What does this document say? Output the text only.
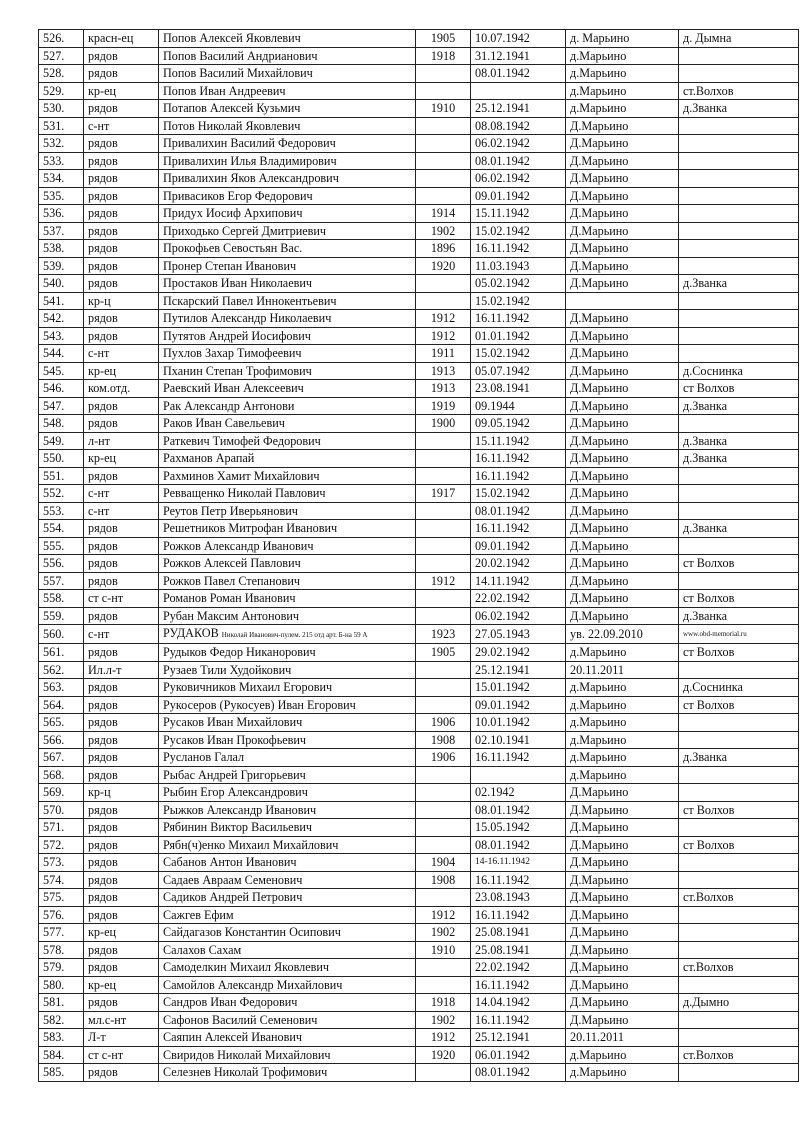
526.	красн-ец	Попов Алексей Яковлевич	1905	10.07.1942	д. Марьино	д. Дымна
527.	рядов	Попов Василий Андрианович	1918	31.12.1941	д.Марьино	
528.	рядов	Попов Василий Михайлович		08.01.1942	д.Марьино	
529.	кр-ец	Попов Иван Андреевич			д.Марьино	ст.Волхов
530.	рядов	Потапов Алексей Кузьмич	1910	25.12.1941	д.Марьино	д.Званка
531.	с-нт	Потов Николай Яковлевич		08.08.1942	Д.Марьино	
532.	рядов	Привалихин Василий Федорович		06.02.1942	Д.Марьино	
533.	рядов	Привалихин Илья Владимирович		08.01.1942	Д.Марьино	
534.	рядов	Привалихин Яков Александрович		06.02.1942	Д.Марьино	
535.	рядов	Привасиков Егор Федорович		09.01.1942	Д.Марьино	
536.	рядов	Придух Иосиф Архипович	1914	15.11.1942	Д.Марьино	
537.	рядов	Приходько Сергей Дмитриевич	1902	15.02.1942	Д.Марьино	
538.	рядов	Прокофьев Севостьян Вас.	1896	16.11.1942	Д.Марьино	
539.	рядов	Пронер Степан Иванович	1920	11.03.1943	Д.Марьино	
540.	рядов	Простаков Иван Николаевич		05.02.1942	Д.Марьино	д.Званка
541.	кр-ц	Пскарский Павел Иннокентьевич		15.02.1942		
542.	рядов	Путилов Александр Николаевич	1912	16.11.1942	Д.Марьино	
543.	рядов	Путятов Андрей Иосифович	1912	01.01.1942	Д.Марьино	
544.	с-нт	Пухлов Захар Тимофеевич	1911	15.02.1942	Д.Марьино	
545.	кр-ец	Пханин Степан Трофимович	1913	05.07.1942	Д.Марьино	д.Соснинка
546.	ком.отд.	Раевский Иван Алексеевич	1913	23.08.1941	Д.Марьино	ст Волхов
547.	рядов	Рак Александр Антонови	1919	09.1944	Д.Марьино	д.Званка
548.	рядов	Раков Иван Савельевич	1900	09.05.1942	Д.Марьино	
549.	л-нт	Раткевич Тимофей Федорович		15.11.1942	Д.Марьино	д.Званка
550.	кр-ец	Рахманов Арапай		16.11.1942	Д.Марьино	д.Званка
551.	рядов	Рахминов Хамит Михайлович		16.11.1942	Д.Марьино	
552.	с-нт	Ревващенко Николай Павлович	1917	15.02.1942	Д.Марьино	
553.	с-нт	Реутов Петр Иверьянович		08.01.1942	Д.Марьино	
554.	рядов	Решетников Митрофан Иванович		16.11.1942	Д.Марьино	д.Званка
555.	рядов	Рожков Александр Иванович		09.01.1942	Д.Марьино	
556.	рядов	Рожков Алексей Павлович		20.02.1942	Д.Марьино	ст Волхов
557.	рядов	Рожков Павел Степанович	1912	14.11.1942	Д.Марьино	
558.	ст с-нт	Романов Роман Иванович		22.02.1942	Д.Марьино	ст Волхов
559.	рядов	Рубан Максим Антонович		06.02.1942	Д.Марьино	д.Званка
560.	с-нт	РУДАКОВ Николай Иванович-пулем. 215 отд арт. Б-на 59 А	1923	27.05.1943	ув. 22.09.2010	www.obd-memorial.ru
561.	рядов	Рудыков Федор Никанорович	1905	29.02.1942	д.Марьино	ст Волхов
562.	Ил.л-т	Рузаев Тили Худойкович		25.12.1941	20.11.2011	
563.	рядов	Руковичников Михаил Егорович		15.01.1942	д.Марьино	д.Соснинка
564.	рядов	Рукосеров (Рукосуев) Иван Егорович		09.01.1942	д.Марьино	ст Волхов
565.	рядов	Русаков Иван Михайлович	1906	10.01.1942	д.Марьино	
566.	рядов	Русаков Иван Прокофьевич	1908	02.10.1941	д.Марьино	
567.	рядов	Русланов Галал	1906	16.11.1942	д.Марьино	д.Званка
568.	рядов	Рыбас Андрей Григорьевич			д.Марьино	
569.	кр-ц	Рыбин Егор Александрович		02.1942	Д.Марьино	
570.	рядов	Рыжков Александр Иванович		08.01.1942	Д.Марьино	ст Волхов
571.	рядов	Рябинин Виктор Васильевич		15.05.1942	Д.Марьино	
572.	рядов	Рябн(ч)енко Михаил Михайлович		08.01.1942	Д.Марьино	ст Волхов
573.	рядов	Сабанов Антон Иванович	1904	14-16.11.1942	Д.Марьино	
574.	рядов	Садаев Авраам Семенович	1908	16.11.1942	Д.Марьино	
575.	рядов	Садиков Андрей Петрович		23.08.1943	Д.Марьино	ст.Волхов
576.	рядов	Сажгев Ефим	1912	16.11.1942	Д.Марьино	
577.	кр-ец	Сайдагазов Константин Осипович	1902	25.08.1941	Д.Марьино	
578.	рядов	Салахов Сахам	1910	25.08.1941	Д.Марьино	
579.	рядов	Самоделкин Михаил Яковлевич		22.02.1942	Д.Марьино	ст.Волхов
580.	кр-ец	Самойлов Александр Михайлович		16.11.1942	Д.Марьино	
581.	рядов	Сандров Иван Федорович	1918	14.04.1942	Д.Марьино	д.Дымно
582.	мл.с-нт	Сафонов Василий Семенович	1902	16.11.1942	Д.Марьино	
583.	Л-т	Саяпин Алексей Иванович	1912	25.12.1941	20.11.2011	
584.	ст с-нт	Свиридов Николай Михайлович	1920	06.01.1942	д.Марьино	ст.Волхов
585.	рядов	Селезнев Николай Трофимович		08.01.1942	д.Марьино	
